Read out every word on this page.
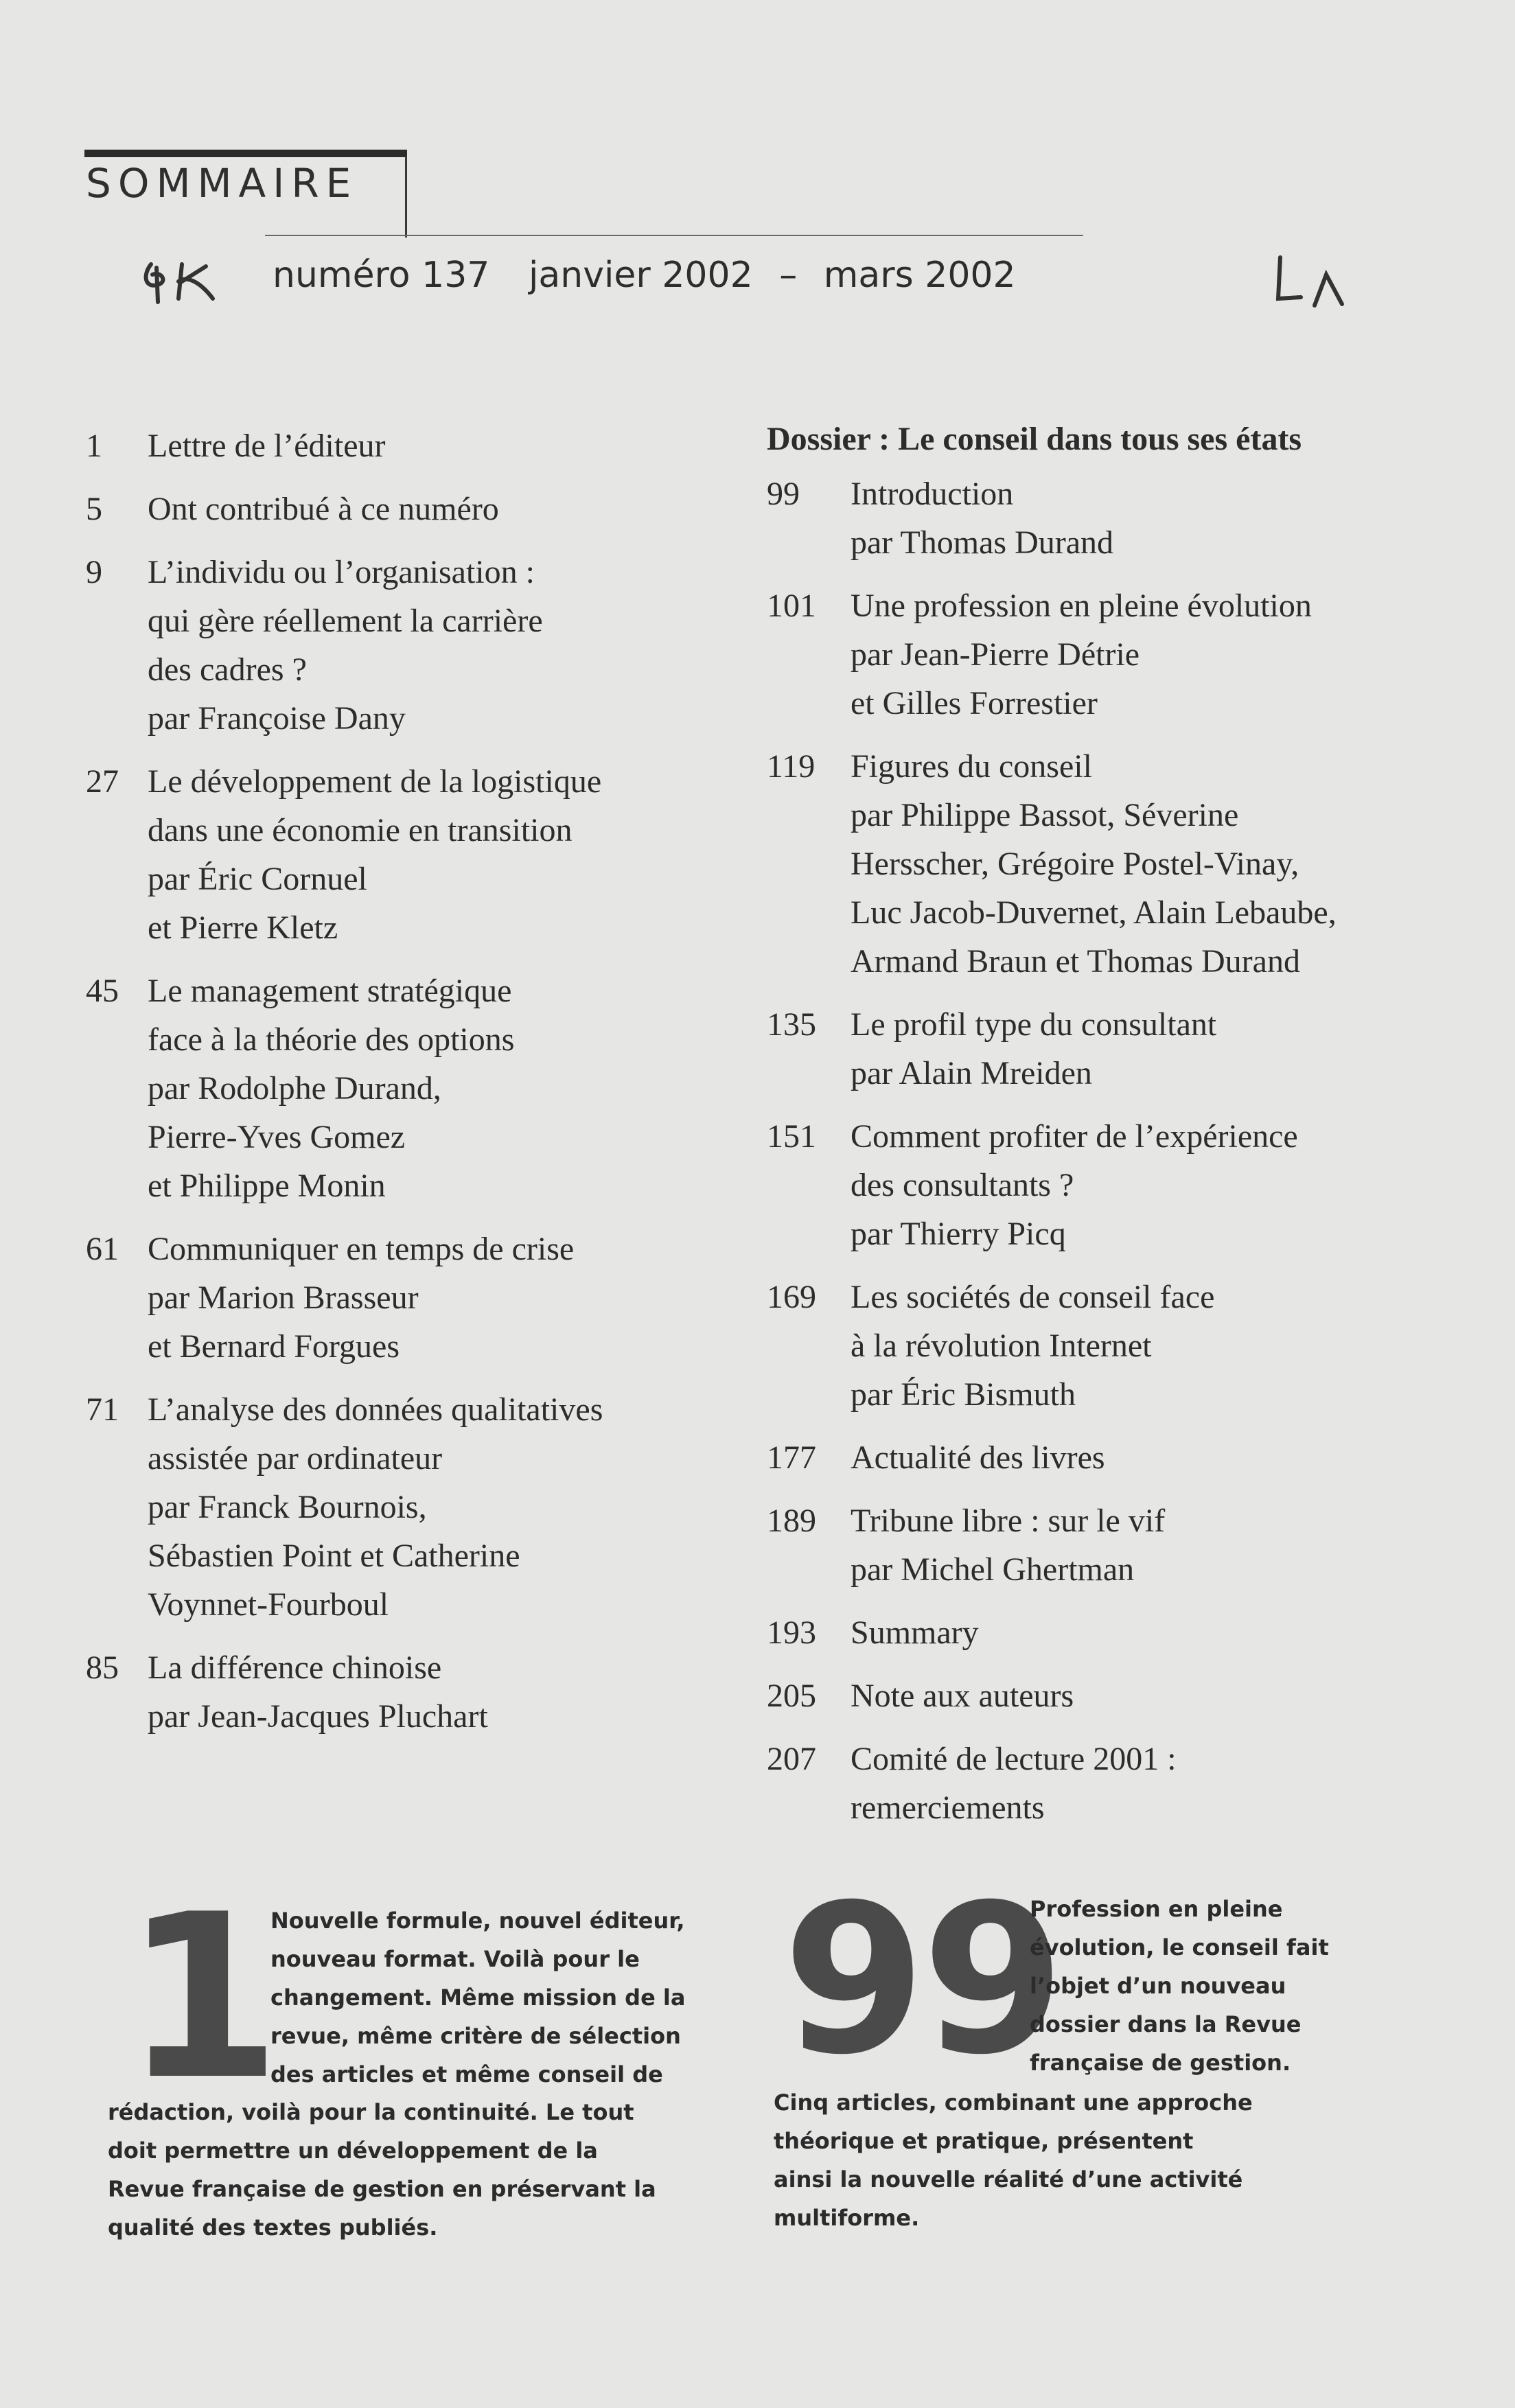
SOMMAIRE
numéro 137 janvier 2002 – mars 2002
1	Lettre de l’éditeur
5	Ont contribué à ce numéro
9	L’individu ou l’organisation :
qui gère réellement la carrière
des cadres ?
par Françoise Dany
27 Le développement de la logistique
dans une économie en transition
par Éric Cornuel
et Pierre Kletz
45 Le management stratégique
face à la théorie des options
par Rodolphe Durand,
Pierre-Yves Gomez
et Philippe Monin
61 Communiquer en temps de crise
par Marion Brasseur
et Bernard Forgues
71 L’analyse des données qualitatives
assistée par ordinateur
par Franck Bournois,
Sébastien Point et Catherine
Voynnet-Fourboul
85 La différence chinoise
par Jean-Jacques Pluchart
Dossier : Le conseil dans tous ses états
99	Introduction
par Thomas Durand
101	Une profession en pleine évolution
par Jean-Pierre Détrie
et Gilles Forrestier
119	Figures du conseil
par Philippe Bassot, Séverine
Hersscher, Grégoire Postel-Vinay,
Luc Jacob-Duvernet, Alain Lebaube,
Armand Braun et Thomas Durand
135	Le profil type du consultant
par Alain Mreiden
151	Comment profiter de l’expérience
des consultants ?
par Thierry Picq
169	Les sociétés de conseil face
à la révolution Internet
par Éric Bismuth
177	Actualité des livres
189	Tribune libre : sur le vif
par Michel Ghertman
193	Summary
205	Note aux auteurs
207	Comité de lecture 2001 :
remerciements
1
Nouvelle formule, nouvel éditeur,
nouveau format. Voilà pour le
changement. Même mission de la
revue, même critère de sélection
des articles et même conseil de
rédaction, voilà pour la continuité. Le tout
doit permettre un développement de la
Revue française de gestion en préservant la
qualité des textes publiés.
99
Profession en pleine
évolution, le conseil fait
l’objet d’un nouveau
dossier dans la Revue
française de gestion.
Cinq articles, combinant une approche
théorique et pratique, présentent
ainsi la nouvelle réalité d’une activité
multiforme.
